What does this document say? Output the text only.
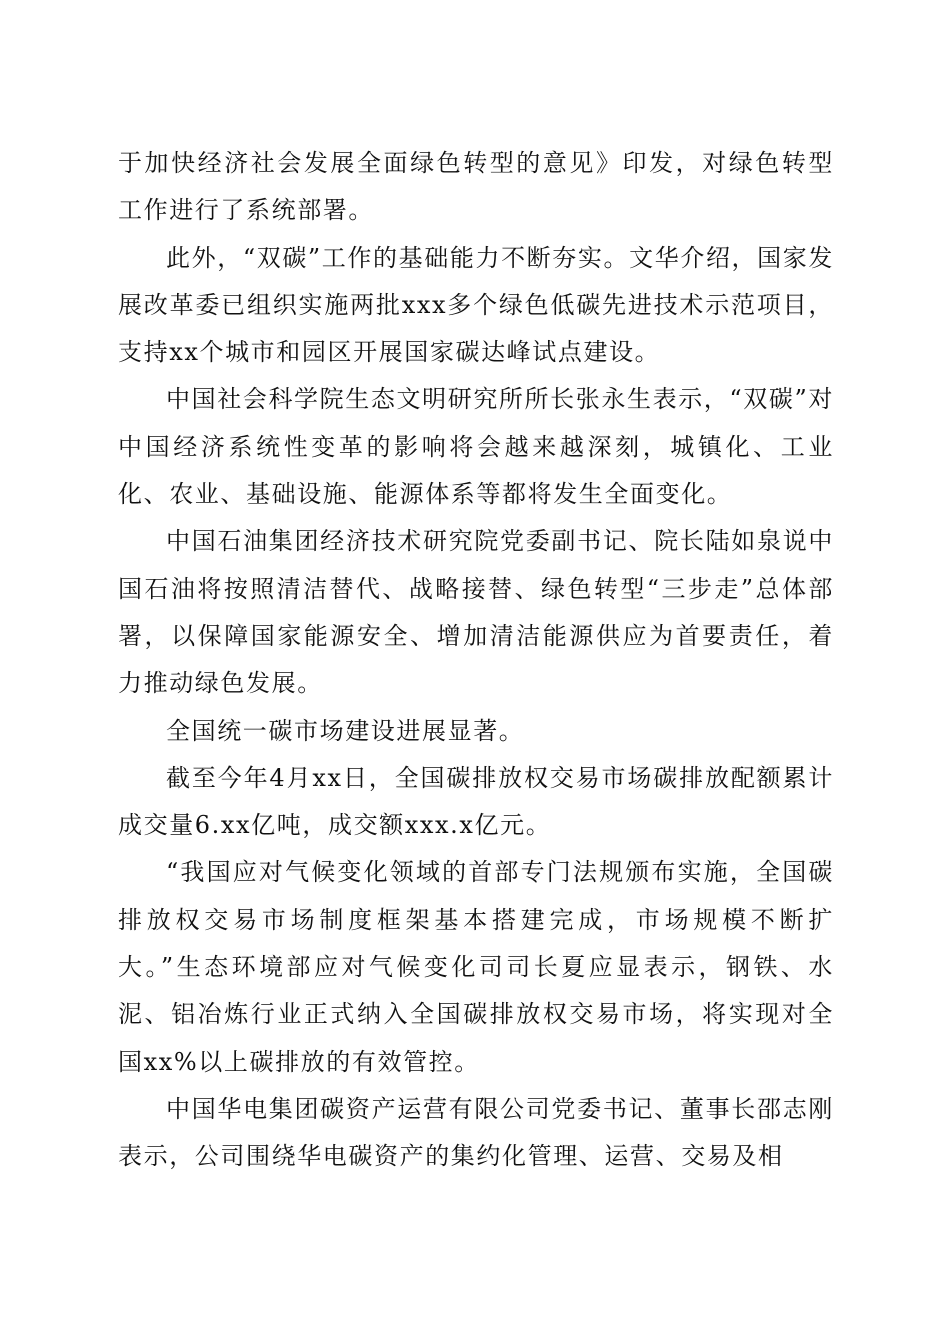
于加快经济社会发展全面绿色转型的意见》印发，对绿色转型工作进行了系统部署。

此外，“双碳”工作的基础能力不断夯实。文华介绍，国家发展改革委已组织实施两批xxx多个绿色低碳先进技术示范项目，支持xx个城市和园区开展国家碳达峰试点建设。

中国社会科学院生态文明研究所所长张永生表示，“双碳”对中国经济系统性变革的影响将会越来越深刻，城镇化、工业化、农业、基础设施、能源体系等都将发生全面变化。

中国石油集团经济技术研究院党委副书记、院长陆如泉说中国石油将按照清洁替代、战略接替、绿色转型“三步走”总体部署，以保障国家能源安全、增加清洁能源供应为首要责任，着力推动绿色发展。

全国统一碳市场建设进展显著。

截至今年4月xx日，全国碳排放权交易市场碳排放配额累计成交量6.xx亿吨，成交额xxx.x亿元。

“我国应对气候变化领域的首部专门法规颁布实施，全国碳排放权交易市场制度框架基本搭建完成，市场规模不断扩大。”生态环境部应对气候变化司司长夏应显表示，钢铁、水泥、铝冶炼行业正式纳入全国碳排放权交易市场，将实现对全国xx%以上碳排放的有效管控。

中国华电集团碳资产运营有限公司党委书记、董事长邵志刚表示，公司围绕华电碳资产的集约化管理、运营、交易及相
